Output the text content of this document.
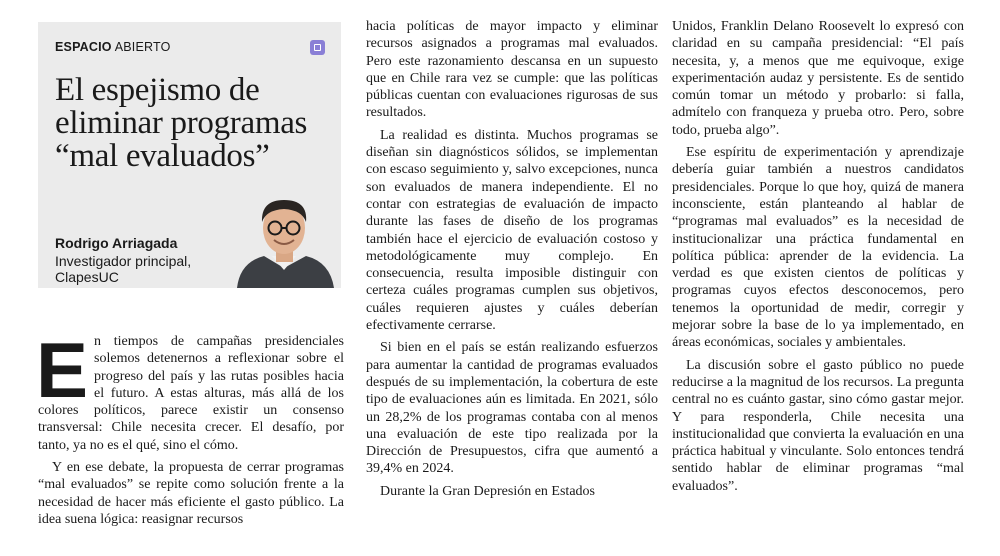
ESPACIO ABIERTO
El espejismo de eliminar programas “mal evaluados”
Rodrigo Arriagada
Investigador principal, ClapesUC

En tiempos de campañas presidenciales solemos detenernos a reflexionar sobre el progreso del país y las rutas posibles hacia el futuro. A estas alturas, más allá de los colores políticos, parece existir un consenso transversal: Chile necesita crecer. El desafío, por tanto, ya no es el qué, sino el cómo.

Y en ese debate, la propuesta de cerrar programas “mal evaluados” se repite como solución frente a la necesidad de hacer más eficiente el gasto público. La idea suena lógica: reasignar recursos

hacia políticas de mayor impacto y eliminar recursos asignados a programas mal evaluados. Pero este razonamiento descansa en un supuesto que en Chile rara vez se cumple: que las políticas públicas cuentan con evaluaciones rigurosas de sus resultados.

La realidad es distinta. Muchos programas se diseñan sin diagnósticos sólidos, se implementan con escaso seguimiento y, salvo excepciones, nunca son evaluados de manera independiente. El no contar con estrategias de evaluación de impacto durante las fases de diseño de los programas también hace el ejercicio de evaluación costoso y metodológicamente muy complejo. En consecuencia, resulta imposible distinguir con certeza cuáles programas cumplen sus objetivos, cuáles requieren ajustes y cuáles deberían efectivamente cerrarse.

Si bien en el país se están realizando esfuerzos para aumentar la cantidad de programas evaluados después de su implementación, la cobertura de este tipo de evaluaciones aún es limitada. En 2021, sólo un 28,2% de los programas contaba con al menos una evaluación de este tipo realizada por la Dirección de Presupuestos, cifra que aumentó a 39,4% en 2024.

Durante la Gran Depresión en Estados

Unidos, Franklin Delano Roosevelt lo expresó con claridad en su campaña presidencial: “El país necesita, y, a menos que me equivoque, exige experimentación audaz y persistente. Es de sentido común tomar un método y probarlo: si falla, admítelo con franqueza y prueba otro. Pero, sobre todo, prueba algo”.

Ese espíritu de experimentación y aprendizaje debería guiar también a nuestros candidatos presidenciales. Porque lo que hoy, quizá de manera inconsciente, están planteando al hablar de “programas mal evaluados” es la necesidad de institucionalizar una práctica fundamental en política pública: aprender de la evidencia. La verdad es que existen cientos de políticas y programas cuyos efectos desconocemos, pero tenemos la oportunidad de medir, corregir y mejorar sobre la base de lo ya implementado, en áreas económicas, sociales y ambientales.

La discusión sobre el gasto público no puede reducirse a la magnitud de los recursos. La pregunta central no es cuánto gastar, sino cómo gastar mejor. Y para responderla, Chile necesita una institucionalidad que convierta la evaluación en una práctica habitual y vinculante. Solo entonces tendrá sentido hablar de eliminar programas “mal evaluados”.
